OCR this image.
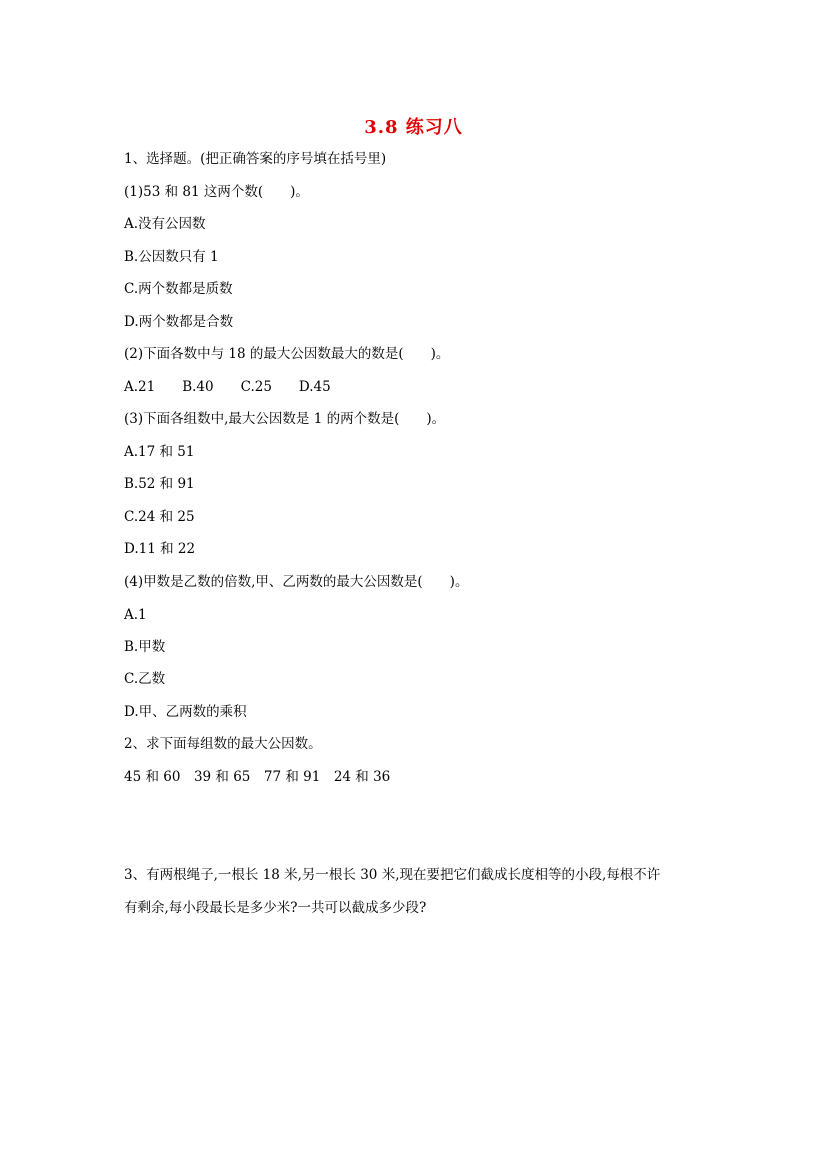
3.8 练习八
1、选择题。(把正确答案的序号填在括号里)
(1)53 和 81 这两个数(　　)。
A.没有公因数
B.公因数只有 1
C.两个数都是质数
D.两个数都是合数
(2)下面各数中与 18 的最大公因数最大的数是(　　)。
A.21　　B.40　　C.25　　D.45
(3)下面各组数中,最大公因数是 1 的两个数是(　　)。
A.17 和 51
B.52 和 91
C.24 和 25
D.11 和 22
(4)甲数是乙数的倍数,甲、乙两数的最大公因数是(　　)。
A.1
B.甲数
C.乙数
D.甲、乙两数的乘积
2、求下面每组数的最大公因数。
45 和 60　39 和 65　77 和 91　24 和 36
3、有两根绳子,一根长 18 米,另一根长 30 米,现在要把它们截成长度相等的小段,每根不许
有剩余,每小段最长是多少米?一共可以截成多少段?
